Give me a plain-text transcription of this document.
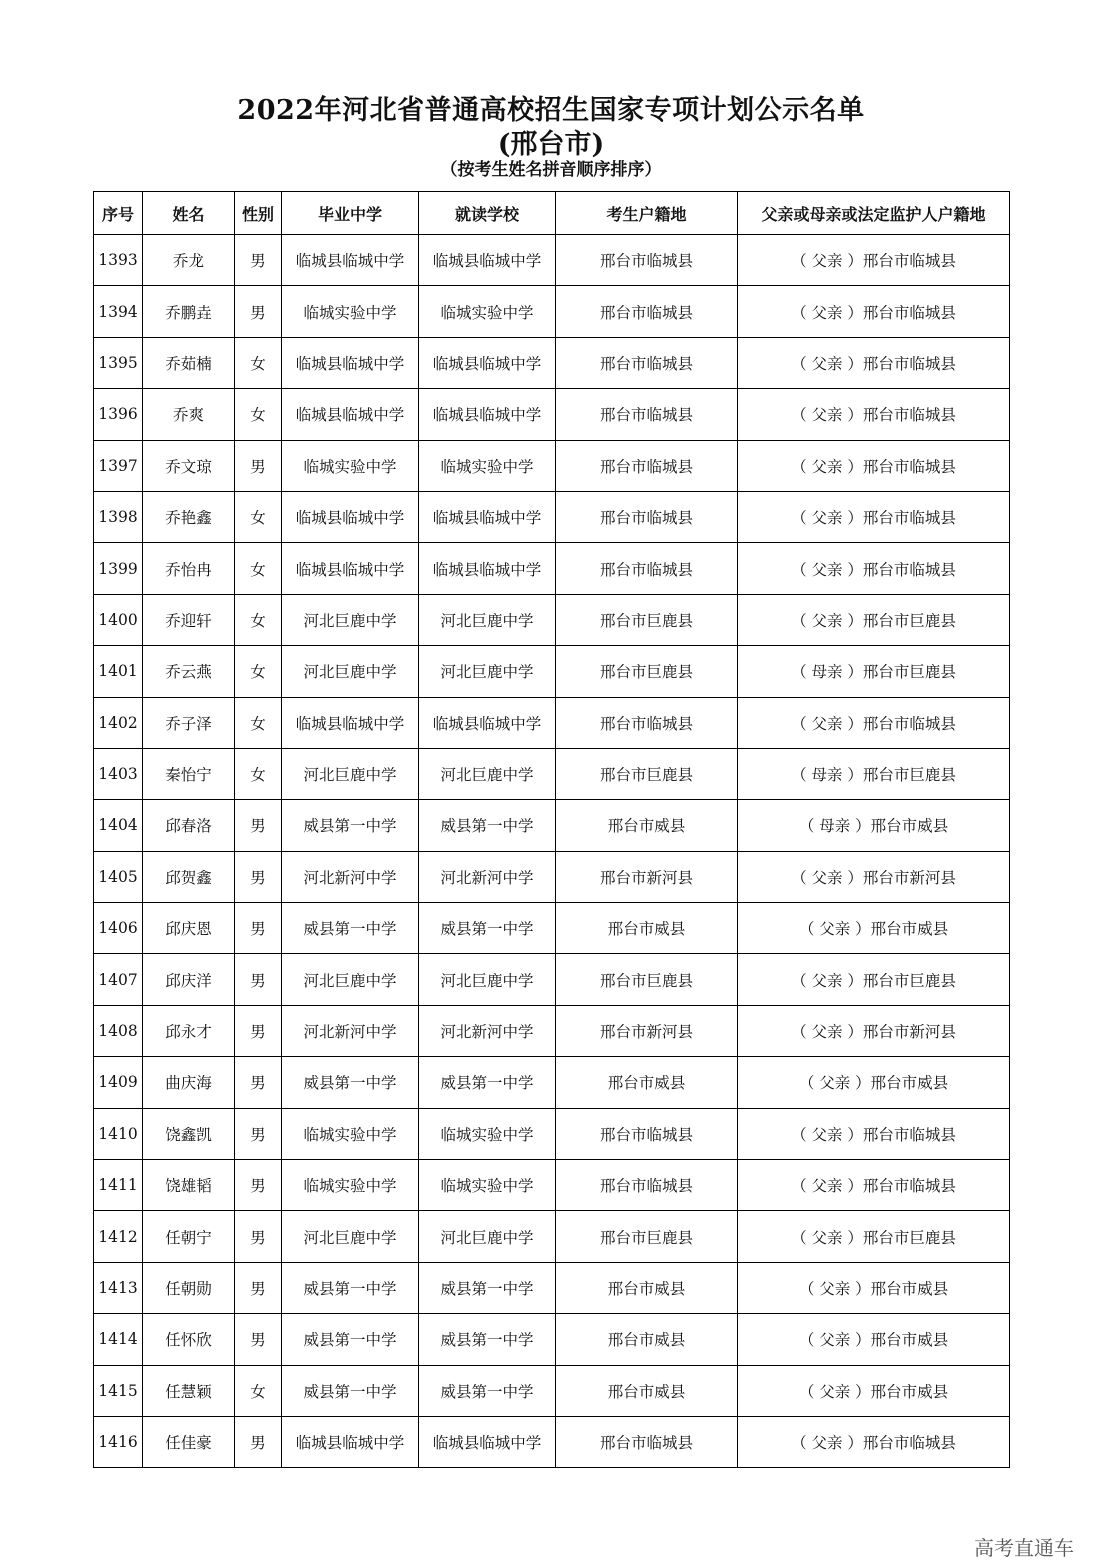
2022年河北省普通高校招生国家专项计划公示名单
(邢台市)
（按考生姓名拼音顺序排序）
序号	姓名	性别	毕业中学	就读学校	考生户籍地	父亲或母亲或法定监护人户籍地
1393	乔龙	男	临城县临城中学	临城县临城中学	邢台市临城县	（ 父亲 ）邢台市临城县
1394	乔鹏垚	男	临城实验中学	临城实验中学	邢台市临城县	（ 父亲 ）邢台市临城县
1395	乔茹楠	女	临城县临城中学	临城县临城中学	邢台市临城县	（ 父亲 ）邢台市临城县
1396	乔爽	女	临城县临城中学	临城县临城中学	邢台市临城县	（ 父亲 ）邢台市临城县
1397	乔文琼	男	临城实验中学	临城实验中学	邢台市临城县	（ 父亲 ）邢台市临城县
1398	乔艳鑫	女	临城县临城中学	临城县临城中学	邢台市临城县	（ 父亲 ）邢台市临城县
1399	乔怡冉	女	临城县临城中学	临城县临城中学	邢台市临城县	（ 父亲 ）邢台市临城县
1400	乔迎轩	女	河北巨鹿中学	河北巨鹿中学	邢台市巨鹿县	（ 父亲 ）邢台市巨鹿县
1401	乔云燕	女	河北巨鹿中学	河北巨鹿中学	邢台市巨鹿县	（ 母亲 ）邢台市巨鹿县
1402	乔子泽	女	临城县临城中学	临城县临城中学	邢台市临城县	（ 父亲 ）邢台市临城县
1403	秦怡宁	女	河北巨鹿中学	河北巨鹿中学	邢台市巨鹿县	（ 母亲 ）邢台市巨鹿县
1404	邱春洛	男	威县第一中学	威县第一中学	邢台市威县	（ 母亲 ）邢台市威县
1405	邱贺鑫	男	河北新河中学	河北新河中学	邢台市新河县	（ 父亲 ）邢台市新河县
1406	邱庆恩	男	威县第一中学	威县第一中学	邢台市威县	（ 父亲 ）邢台市威县
1407	邱庆洋	男	河北巨鹿中学	河北巨鹿中学	邢台市巨鹿县	（ 父亲 ）邢台市巨鹿县
1408	邱永才	男	河北新河中学	河北新河中学	邢台市新河县	（ 父亲 ）邢台市新河县
1409	曲庆海	男	威县第一中学	威县第一中学	邢台市威县	（ 父亲 ）邢台市威县
1410	饶鑫凯	男	临城实验中学	临城实验中学	邢台市临城县	（ 父亲 ）邢台市临城县
1411	饶雄韬	男	临城实验中学	临城实验中学	邢台市临城县	（ 父亲 ）邢台市临城县
1412	任朝宁	男	河北巨鹿中学	河北巨鹿中学	邢台市巨鹿县	（ 父亲 ）邢台市巨鹿县
1413	任朝勋	男	威县第一中学	威县第一中学	邢台市威县	（ 父亲 ）邢台市威县
1414	任怀欣	男	威县第一中学	威县第一中学	邢台市威县	（ 父亲 ）邢台市威县
1415	任慧颖	女	威县第一中学	威县第一中学	邢台市威县	（ 父亲 ）邢台市威县
1416	任佳豪	男	临城县临城中学	临城县临城中学	邢台市临城县	（ 父亲 ）邢台市临城县
高考直通车
